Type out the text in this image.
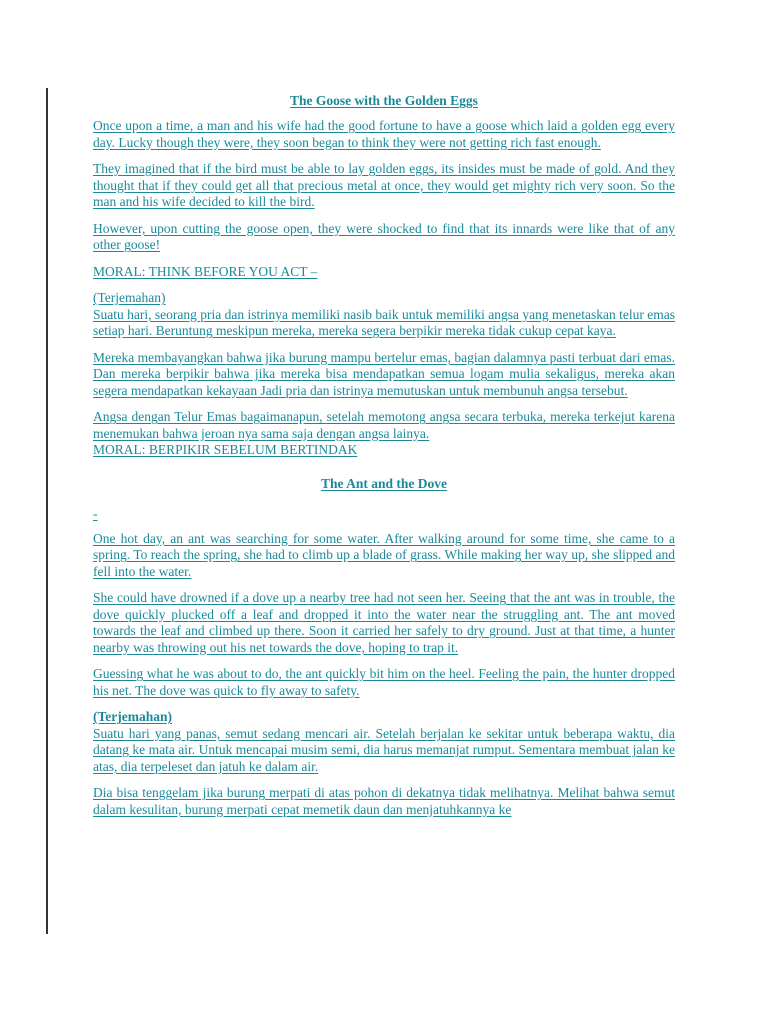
The Goose with the Golden Eggs

Once upon a time, a man and his wife had the good fortune to have a goose which laid a golden egg every day. Lucky though they were, they soon began to think they were not getting rich fast enough.

They imagined that if the bird must be able to lay golden eggs, its insides must be made of gold. And they thought that if they could get all that precious metal at once, they would get mighty rich very soon. So the man and his wife decided to kill the bird.

However, upon cutting the goose open, they were shocked to find that its innards were like that of any other goose!

MORAL: THINK BEFORE YOU ACT –

(Terjemahan)

Suatu hari, seorang pria dan istrinya memiliki nasib baik untuk memiliki angsa yang menetaskan telur emas setiap hari. Beruntung meskipun mereka, mereka segera berpikir mereka tidak cukup cepat kaya.

Mereka membayangkan bahwa jika burung mampu bertelur emas, bagian dalamnya pasti terbuat dari emas. Dan mereka berpikir bahwa jika mereka bisa mendapatkan semua logam mulia sekaligus, mereka akan segera mendapatkan kekayaan Jadi pria dan istrinya memutuskan untuk membunuh angsa tersebut.

Angsa dengan Telur Emas bagaimanapun, setelah memotong angsa secara terbuka, mereka terkejut karena menemukan bahwa jeroan nya sama saja dengan angsa lainya.

MORAL: BERPIKIR SEBELUM BERTINDAK

The Ant and the Dove

-

One hot day, an ant was searching for some water. After walking around for some time, she came to a spring. To reach the spring, she had to climb up a blade of grass. While making her way up, she slipped and fell into the water.

She could have drowned if a dove up a nearby tree had not seen her. Seeing that the ant was in trouble, the dove quickly plucked off a leaf and dropped it into the water near the struggling ant. The ant moved towards the leaf and climbed up there. Soon it carried her safely to dry ground. Just at that time, a hunter nearby was throwing out his net towards the dove, hoping to trap it.

Guessing what he was about to do, the ant quickly bit him on the heel. Feeling the pain, the hunter dropped his net. The dove was quick to fly away to safety.

(Terjemahan)

Suatu hari yang panas, semut sedang mencari air. Setelah berjalan ke sekitar untuk beberapa waktu, dia datang ke mata air. Untuk mencapai musim semi, dia harus memanjat rumput. Sementara membuat jalan ke atas, dia terpeleset dan jatuh ke dalam air.

Dia bisa tenggelam jika burung merpati di atas pohon di dekatnya tidak melihatnya. Melihat bahwa semut dalam kesulitan, burung merpati cepat memetik daun dan menjatuhkannya ke
